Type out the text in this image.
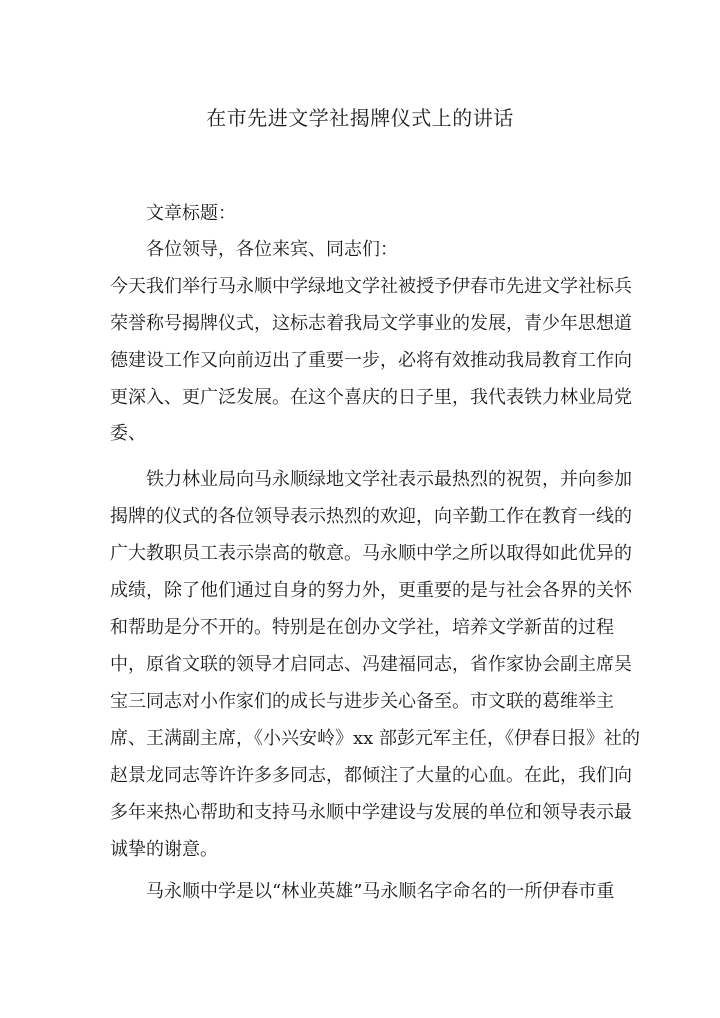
在市先进文学社揭牌仪式上的讲话
文章标题：
各位领导，各位来宾、同志们：
今天我们举行马永顺中学绿地文学社被授予伊春市先进文学社标兵
荣誉称号揭牌仪式，这标志着我局文学事业的发展，青少年思想道
德建设工作又向前迈出了重要一步，必将有效推动我局教育工作向
更深入、更广泛发展。在这个喜庆的日子里，我代表铁力林业局党
委、
铁力林业局向马永顺绿地文学社表示最热烈的祝贺，并向参加
揭牌的仪式的各位领导表示热烈的欢迎，向辛勤工作在教育一线的
广大教职员工表示崇高的敬意。马永顺中学之所以取得如此优异的
成绩，除了他们通过自身的努力外，更重要的是与社会各界的关怀
和帮助是分不开的。特别是在创办文学社，培养文学新苗的过程
中，原省文联的领导才启同志、冯建福同志，省作家协会副主席吴
宝三同志对小作家们的成长与进步关心备至。市文联的葛维举主
席、王满副主席，《小兴安岭》xx 部彭元军主任，《伊春日报》社的
赵景龙同志等许许多多同志，都倾注了大量的心血。在此，我们向
多年来热心帮助和支持马永顺中学建设与发展的单位和领导表示最
诚挚的谢意。
马永顺中学是以“林业英雄”马永顺名字命名的一所伊春市重
